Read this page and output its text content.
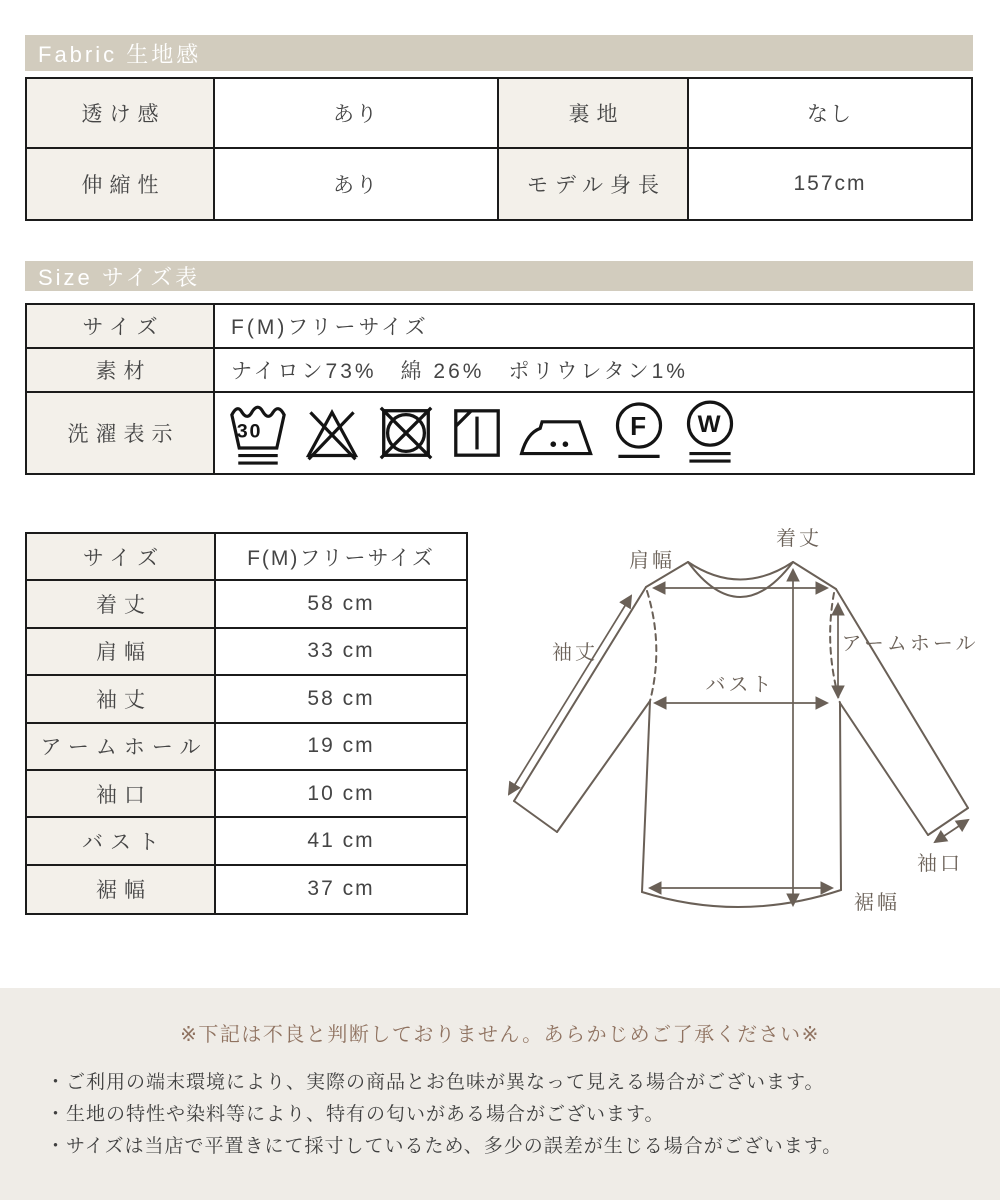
Fabric 生地感
透け感	あり	裏地	なし
伸縮性	あり	モデル身長	157cm
Size サイズ表
サイズ	F(M)フリーサイズ
素材	ナイロン73%　綿 26%　ポリウレタン1%
洗濯表示	30	F W
サイズ	F(M)フリーサイズ
着丈	58 cm
肩幅	33 cm
袖丈	58 cm
アームホール	19 cm
袖口	10 cm
バスト	41 cm
裾幅	37 cm
肩幅
着丈
袖丈	アームホール
バスト
袖口
裾幅
※下記は不良と判断しておりません。あらかじめご了承ください※
・ご利用の端末環境により、実際の商品とお色味が異なって見える場合がございます。
・生地の特性や染料等により、特有の匂いがある場合がございます。
・サイズは当店で平置きにて採寸しているため、多少の誤差が生じる場合がございます。
